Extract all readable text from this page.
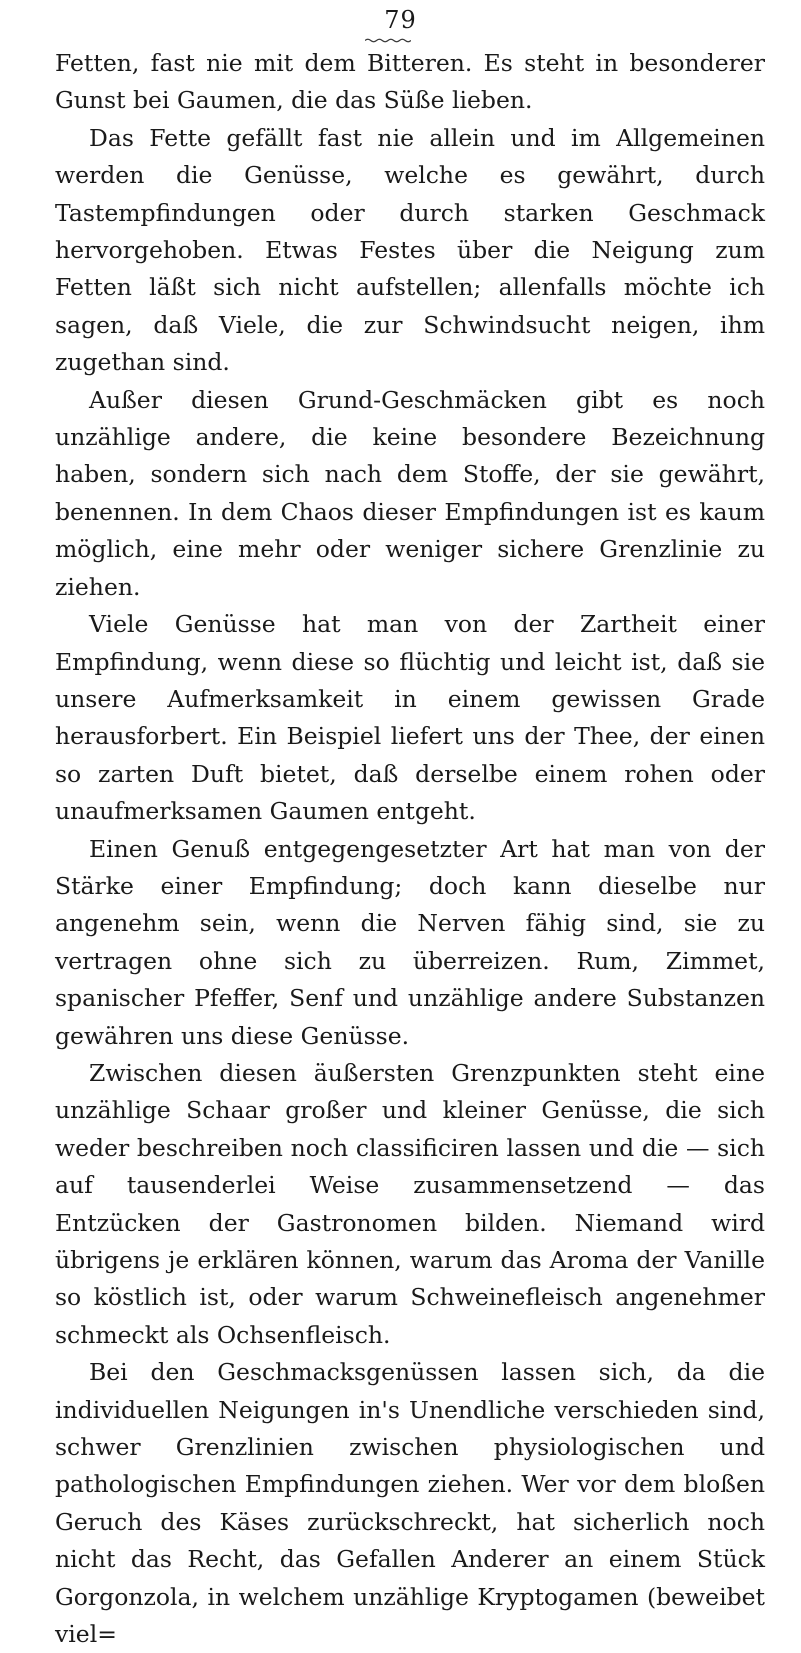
79

Fetten, fast nie mit dem Bitteren. Es steht in besonderer Gunst bei Gaumen, die das Süße lieben.

Das Fette gefällt fast nie allein und im Allgemeinen werden die Genüsse, welche es gewährt, durch Tastempfindungen oder durch starken Geschmack hervorgehoben. Etwas Festes über die Neigung zum Fetten läßt sich nicht aufstellen; allenfalls möchte ich sagen, daß Viele, die zur Schwindsucht neigen, ihm zugethan sind.

Außer diesen Grund-Geschmäcken gibt es noch unzählige andere, die keine besondere Bezeichnung haben, sondern sich nach dem Stoffe, der sie gewährt, benennen. In dem Chaos dieser Empfindungen ist es kaum möglich, eine mehr oder weniger sichere Grenzlinie zu ziehen.

Viele Genüsse hat man von der Zartheit einer Empfindung, wenn diese so flüchtig und leicht ist, daß sie unsere Aufmerksamkeit in einem gewissen Grade herausforbert. Ein Beispiel liefert uns der Thee, der einen so zarten Duft bietet, daß derselbe einem rohen oder unaufmerksamen Gaumen entgeht.

Einen Genuß entgegengesetzter Art hat man von der Stärke einer Empfindung; doch kann dieselbe nur angenehm sein, wenn die Nerven fähig sind, sie zu vertragen ohne sich zu überreizen. Rum, Zimmet, spanischer Pfeffer, Senf und unzählige andere Substanzen gewähren uns diese Genüsse.

Zwischen diesen äußersten Grenzpunkten steht eine unzählige Schaar großer und kleiner Genüsse, die sich weder beschreiben noch classificiren lassen und die — sich auf tausenderlei Weise zusammensetzend — das Entzücken der Gastronomen bilden. Niemand wird übrigens je erklären können, warum das Aroma der Vanille so köstlich ist, oder warum Schweinefleisch angenehmer schmeckt als Ochsenfleisch.

Bei den Geschmacksgenüssen lassen sich, da die individuellen Neigungen in's Unendliche verschieden sind, schwer Grenzlinien zwischen physiologischen und pathologischen Empfindungen ziehen. Wer vor dem bloßen Geruch des Käses zurückschreckt, hat sicherlich noch nicht das Recht, das Gefallen Anderer an einem Stück Gorgonzola, in welchem unzählige Kryptogamen (beweibet viel=
